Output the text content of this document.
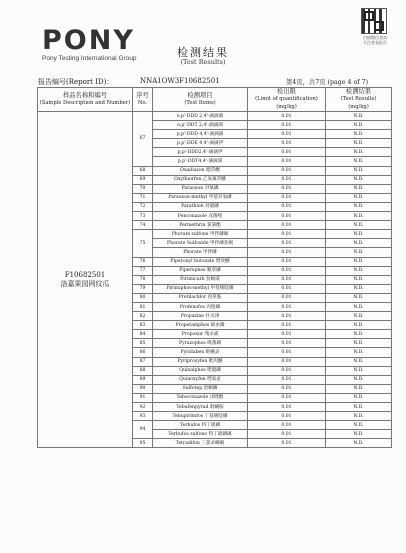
PONY
Pony Testing International Group
扫描微信查询
关注查看报告
检测结果
(Test Results)
报告编号(Report ID)：	NNA1OW3F10682501	第4页，共7页 (page 4 of 7)
样品名称和编号
(Sample Description and Number)	序号
No.	检测项目
(Test Items)	检出限
(Limit of quantification)
(mg/kg)	检测结果
(Test Results)
(mg/kg)

F10682501
洛嘉果园网纹瓜	67	o,p'-DDD 2,4'-滴滴滴	0.01	N.D.
		o,p'-DDT 2,4'-滴滴涕	0.01	N.D.
		p,p'-DDD 4,4'-滴滴滴	0.01	N.D.
		p,p'-DDE 4,4'-滴滴伊	0.01	N.D.
		p,p'-DDD2,4'-滴滴伊	0.01	N.D.
		p,p'-DDT4,4'-滴滴涕	0.01	N.D.
	68	Oxadiazon 噁草酮	0.01	N.D.
	69	Oxyfluorfen 乙氧氟草醚	0.01	N.D.
	70	Paraoxon 对氧磷	0.01	N.D.
	71	Paraoxon-methyl 甲基对氧磷	0.01	N.D.
	72	Parathion 对硫磷	0.01	N.D.
	73	Penconazole 戊菌唑	0.01	N.D.
	74	Permethrin 氯菊酯	0.01	N.D.
	75	Phorate sulfone 甲拌磷砜	0.01	N.D.
		Phorate Sulfoxide 甲拌磷亚砜	0.01	N.D.
		Phorate 甲拌磷	0.01	N.D.
	76	Piperonyl butoxide 增效醚	0.01	N.D.
	77	Piperophos 哌草磷	0.01	N.D.
	78	Pirimicarb 抗蚜威	0.01	N.D.
	79	Pirimiphos-methyl 甲基嘧啶磷	0.01	N.D.
	80	Pretilachlor 丙草胺	0.01	N.D.
	81	Profenofos 丙溴磷	0.01	N.D.
	82	Propazine 扑灭津	0.01	N.D.
	83	Propetamphos 烯虫磷	0.01	N.D.
	84	Propoxur 残杀威	0.01	N.D.
	85	Pyrazophos 吡菌磷	0.01	N.D.
	86	Pyridaben 哒螨灵	0.01	N.D.
	87	Pyriproxyfen 吡丙醚	0.01	N.D.
	88	Quinalphos 喹硫磷	0.01	N.D.
	89	Quinoxyfen 喹氧灵	0.01	N.D.
	90	Sulfotep 治螟磷	0.01	N.D.
	91	Tebuconazole 戊唑醇	0.01	N.D.
	92	Tebufenpyrad 吡螨胺	0.01	N.D.
	93	Tebupirimfos 丁基嘧啶磷	0.01	N.D.
	94	Terbufos 特丁硫磷	0.01	N.D.
		Terbufos sulfone 特丁硫磷砜	0.01	N.D.
	95	Tetradifon 三氯杀螨砜	0.01	N.D.
